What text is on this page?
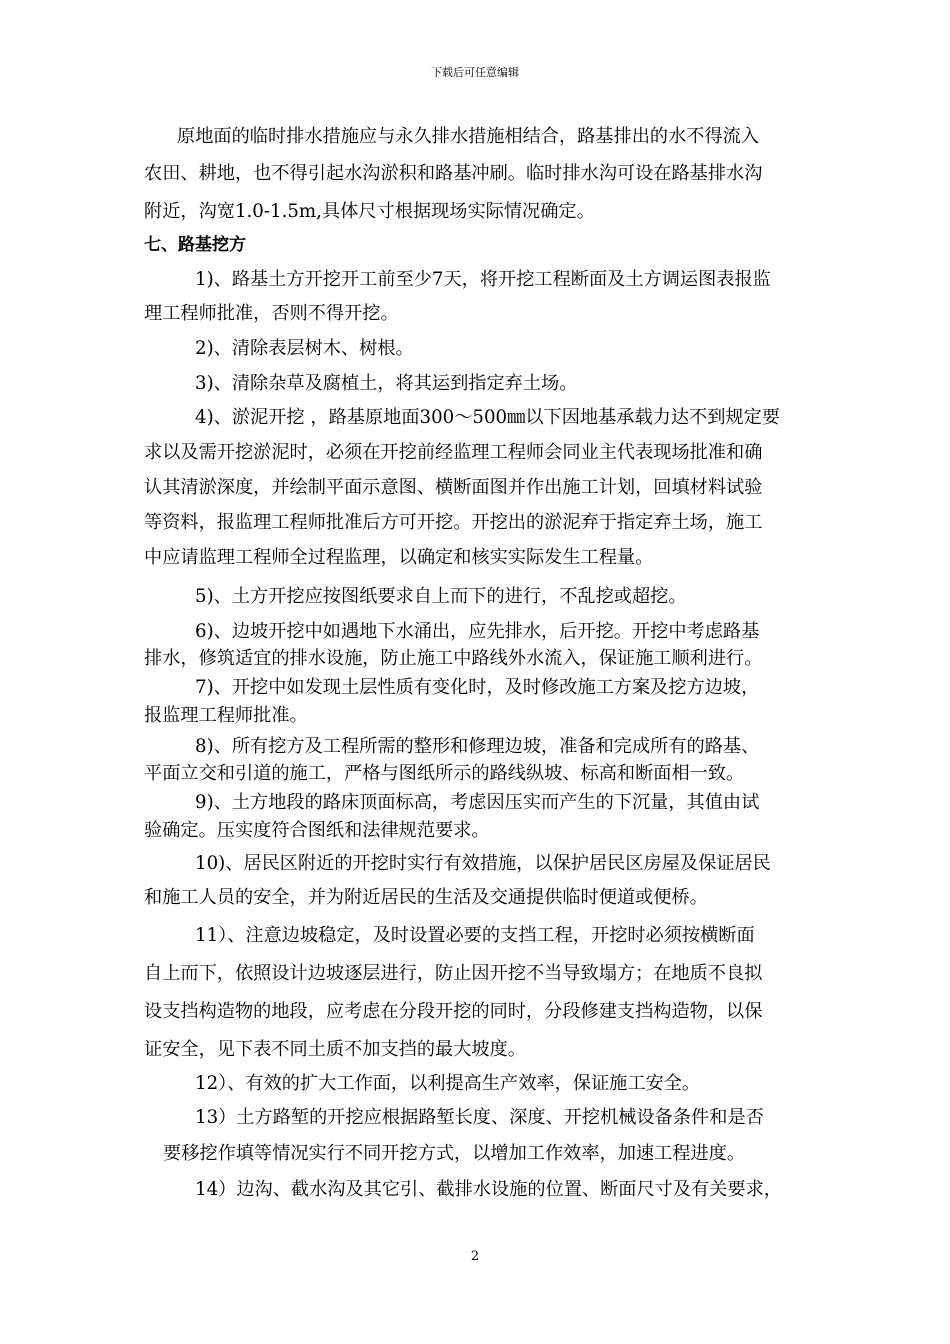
下载后可任意编辑
原地面的临时排水措施应与永久排水措施相结合，路基排出的水不得流入
农田、耕地，也不得引起水沟淤积和路基冲刷。临时排水沟可设在路基排水沟
附近，沟宽1.0-1.5m,具体尺寸根据现场实际情况确定。
七、路基挖方
1)、路基土方开挖开工前至少7天，将开挖工程断面及土方调运图表报监
理工程师批准，否则不得开挖。
2)、清除表层树木、树根。
3)、清除杂草及腐植土，将其运到指定弃土场。
4)、淤泥开挖 ，路基原地面300～500㎜以下因地基承载力达不到规定要
求以及需开挖淤泥时，必须在开挖前经监理工程师会同业主代表现场批准和确
认其清淤深度，并绘制平面示意图、横断面图并作出施工计划，回填材料试验
等资料，报监理工程师批准后方可开挖。开挖出的淤泥弃于指定弃土场，施工
中应请监理工程师全过程监理，以确定和核实实际发生工程量。
5)、土方开挖应按图纸要求自上而下的进行，不乱挖或超挖。
6)、边坡开挖中如遇地下水涌出，应先排水，后开挖。开挖中考虑路基
排水，修筑适宜的排水设施，防止施工中路线外水流入，保证施工顺利进行。
7)、开挖中如发现土层性质有变化时，及时修改施工方案及挖方边坡，
报监理工程师批准。
8)、所有挖方及工程所需的整形和修理边坡，准备和完成所有的路基、
平面立交和引道的施工，严格与图纸所示的路线纵坡、标高和断面相一致。
9)、土方地段的路床顶面标高，考虑因压实而产生的下沉量，其值由试
验确定。压实度符合图纸和法律规范要求。
10)、居民区附近的开挖时实行有效措施，以保护居民区房屋及保证居民
和施工人员的安全，并为附近居民的生活及交通提供临时便道或便桥。
11）、注意边坡稳定，及时设置必要的支挡工程，开挖时必须按横断面
自上而下，依照设计边坡逐层进行，防止因开挖不当导致塌方；在地质不良拟
设支挡构造物的地段，应考虑在分段开挖的同时，分段修建支挡构造物，以保
证安全，见下表不同土质不加支挡的最大坡度。
12）、有效的扩大工作面，以利提高生产效率，保证施工安全。
13）土方路堑的开挖应根据路堑长度、深度、开挖机械设备条件和是否
要移挖作填等情况实行不同开挖方式，以增加工作效率，加速工程进度。
14）边沟、截水沟及其它引、截排水设施的位置、断面尺寸及有关要求，
2
